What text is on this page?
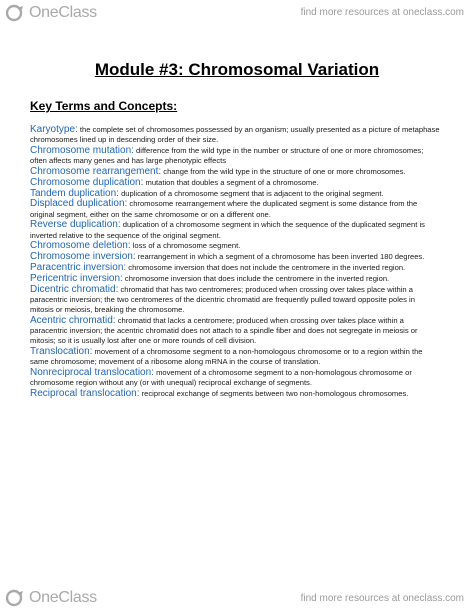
OneClass	find more resources at oneclass.com
Module #3: Chromosomal Variation
Key Terms and Concepts:

Karyotype: the complete set of chromosomes possessed by an organism; usually presented as a picture of metaphase chromosomes lined up in descending order of their size.

Chromosome mutation: difference from the wild type in the number or structure of one or more chromosomes; often affects many genes and has large phenotypic effects

Chromosome rearrangement: change from the wild type in the structure of one or more chromosomes.

Chromosome duplication: mutation that doubles a segment of a chromosome.

Tandem duplication: duplication of a chromosome segment that is adjacent to the original segment.

Displaced duplication: chromosome rearrangement where the duplicated segment is some distance from the original segment, either on the same chromosome or on a different one.

Reverse duplication: duplication of a chromosome segment in which the sequence of the duplicated segment is inverted relative to the sequence of the original segment.

Chromosome deletion: loss of a chromosome segment.

Chromosome inversion: rearrangement in which a segment of a chromosome has been inverted 180 degrees.

Paracentric inversion: chromosome inversion that does not include the centromere in the inverted region.

Pericentric inversion: chromosome inversion that does include the centromere in the inverted region.

Dicentric chromatid: chromatid that has two centromeres; produced when crossing over takes place within a paracentric inversion; the two centromeres of the dicentric chromatid are frequently pulled toward opposite poles in mitosis or meiosis, breaking the chromosome.

Acentric chromatid: chromatid that lacks a centromere; produced when crossing over takes place within a paracentric inversion; the acentric chromatid does not attach to a spindle fiber and does not segregate in meiosis or mitosis; so it is usually lost after one or more rounds of cell division.

Translocation: movement of a chromosome segment to a non-homologous chromosome or to a region within the same chromosome; movement of a ribosome along mRNA in the course of translation.

Nonreciprocal translocation: movement of a chromosome segment to a non-homologous chromosome or chromosome region without any (or with unequal) reciprocal exchange of segments.

Reciprocal translocation: reciprocal exchange of segments between two non-homologous chromosomes.

OneClass	find more resources at oneclass.com
